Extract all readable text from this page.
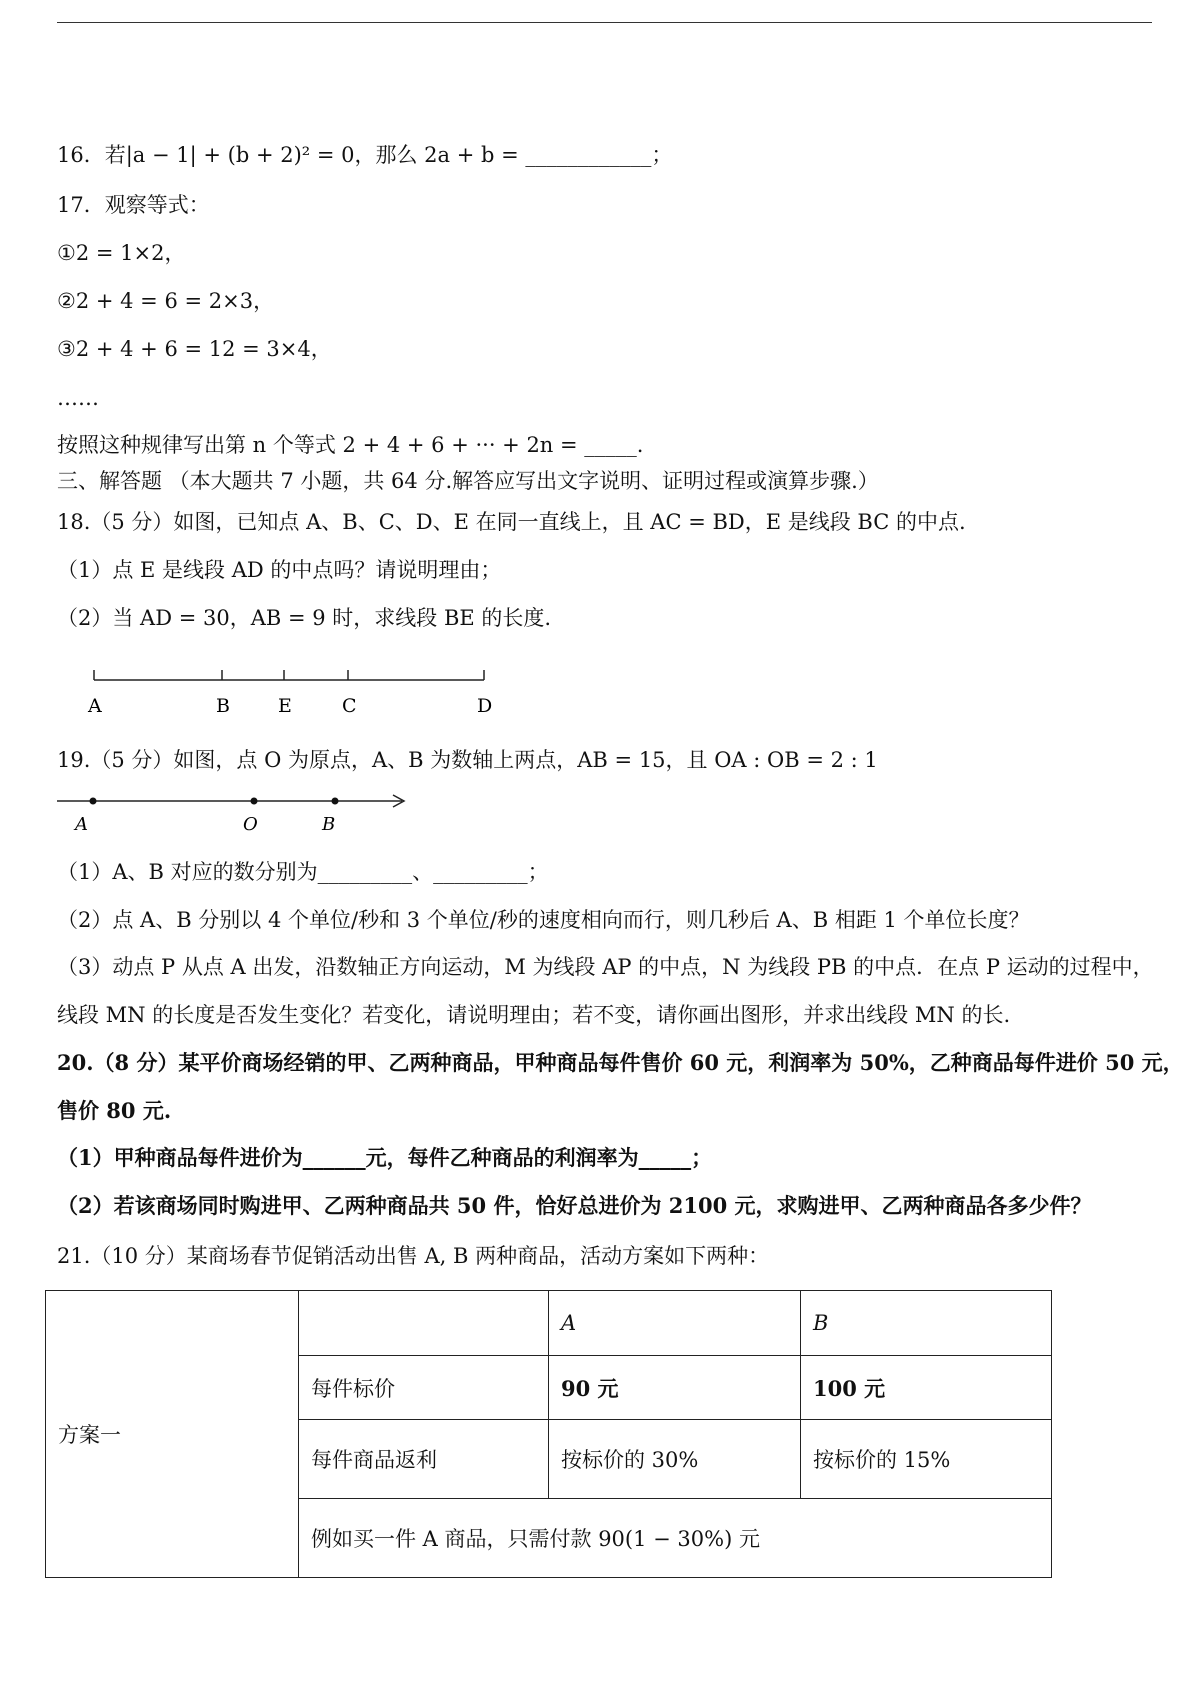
16．若|a − 1| + (b + 2)² = 0，那么 2a + b = ____________；
17．观察等式：
①2 = 1×2，
②2 + 4 = 6 = 2×3，
③2 + 4 + 6 = 12 = 3×4，
……
按照这种规律写出第 n 个等式 2 + 4 + 6 + ··· + 2n = _____.
三、解答题 （本大题共 7 小题，共 64 分.解答应写出文字说明、证明过程或演算步骤.）
18.（5 分）如图，已知点 A、B、C、D、E 在同一直线上，且 AC = BD，E 是线段 BC 的中点.
（1）点 E 是线段 AD 的中点吗？请说明理由；
（2）当 AD = 30，AB = 9 时，求线段 BE 的长度.
A	B	E	C	D
19.（5 分）如图，点 O 为原点，A、B 为数轴上两点，AB = 15，且 OA : OB = 2 : 1
A	O	B
（1）A、B 对应的数分别为_________、_________；
（2）点 A、B 分别以 4 个单位/秒和 3 个单位/秒的速度相向而行，则几秒后 A、B 相距 1 个单位长度？
（3）动点 P 从点 A 出发，沿数轴正方向运动，M 为线段 AP 的中点，N 为线段 PB 的中点．在点 P 运动的过程中，
线段 MN 的长度是否发生变化？若变化，请说明理由；若不变，请你画出图形，并求出线段 MN 的长.
20.（8 分）某平价商场经销的甲、乙两种商品，甲种商品每件售价 60 元，利润率为 50%，乙种商品每件进价 50 元，
售价 80 元.
（1）甲种商品每件进价为______元，每件乙种商品的利润率为_____；
（2）若该商场同时购进甲、乙两种商品共 50 件，恰好总进价为 2100 元，求购进甲、乙两种商品各多少件？
21.（10 分）某商场春节促销活动出售 A, B 两种商品，活动方案如下两种：
方案一		A	B
	每件标价	90 元	100 元
	每件商品返利	按标价的 30%	按标价的 15%
	例如买一件 A 商品，只需付款 90(1 − 30%) 元		
